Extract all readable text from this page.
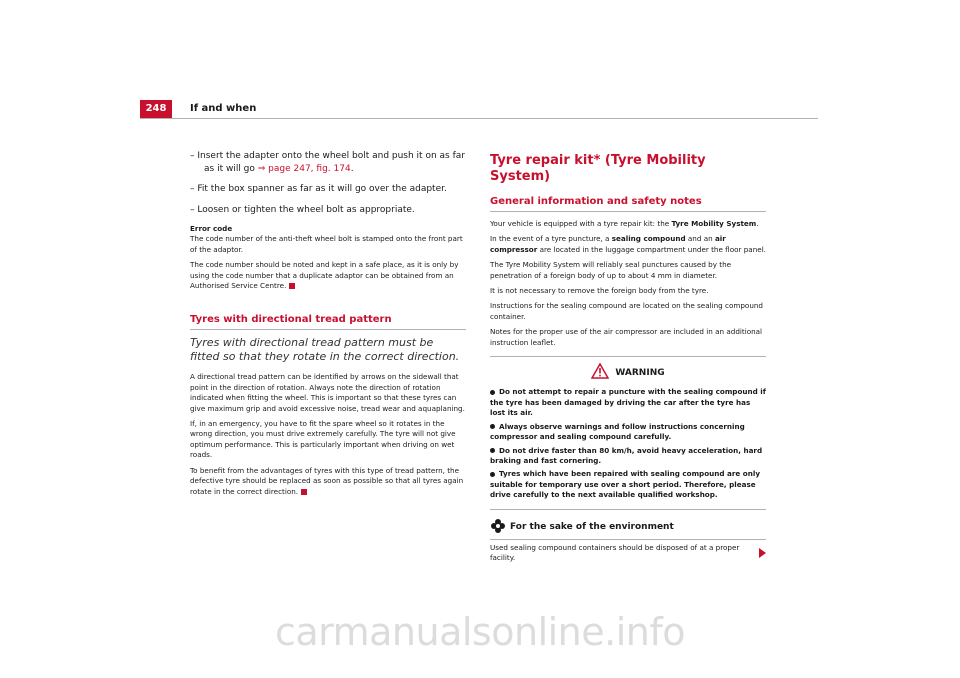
248	If and when
– Insert the adapter onto the wheel bolt and push it on as far as it will go ⇒ page 247, fig. 174.
– Fit the box spanner as far as it will go over the adapter.
– Loosen or tighten the wheel bolt as appropriate.
Error code

The code number of the anti-theft wheel bolt is stamped onto the front part of the adaptor.

The code number should be noted and kept in a safe place, as it is only by using the code number that a duplicate adaptor can be obtained from an Authorised Service Centre.

Tyres with directional tread pattern
Tyres with directional tread pattern must be fitted so that they rotate in the correct direction.

A directional tread pattern can be identified by arrows on the sidewall that point in the direction of rotation. Always note the direction of rotation indicated when fitting the wheel. This is important so that these tyres can give maximum grip and avoid excessive noise, tread wear and aquaplaning.

If, in an emergency, you have to fit the spare wheel so it rotates in the wrong direction, you must drive extremely carefully. The tyre will not give optimum performance. This is particularly important when driving on wet roads.

To benefit from the advantages of tyres with this type of tread pattern, the defective tyre should be replaced as soon as possible so that all tyres again rotate in the correct direction.

Tyre repair kit* (Tyre Mobility System)
General information and safety notes

Your vehicle is equipped with a tyre repair kit: the Tyre Mobility System.

In the event of a tyre puncture, a sealing compound and an air compressor are located in the luggage compartment under the floor panel.

The Tyre Mobility System will reliably seal punctures caused by the penetration of a foreign body of up to about 4 mm in diameter.

It is not necessary to remove the foreign body from the tyre.

Instructions for the sealing compound are located on the sealing compound container.

Notes for the proper use of the air compressor are included in an additional instruction leaflet.

WARNING
Do not attempt to repair a puncture with the sealing compound if the tyre has been damaged by driving the car after the tyre has lost its air.
Always observe warnings and follow instructions concerning compressor and sealing compound carefully.
Do not drive faster than 80 km/h, avoid heavy acceleration, hard braking and fast cornering.
Tyres which have been repaired with sealing compound are only suitable for temporary use over a short period. Therefore, please drive carefully to the next available qualified workshop.
For the sake of the environment
Used sealing compound containers should be disposed of at a proper facility.
carmanualsonline.info
